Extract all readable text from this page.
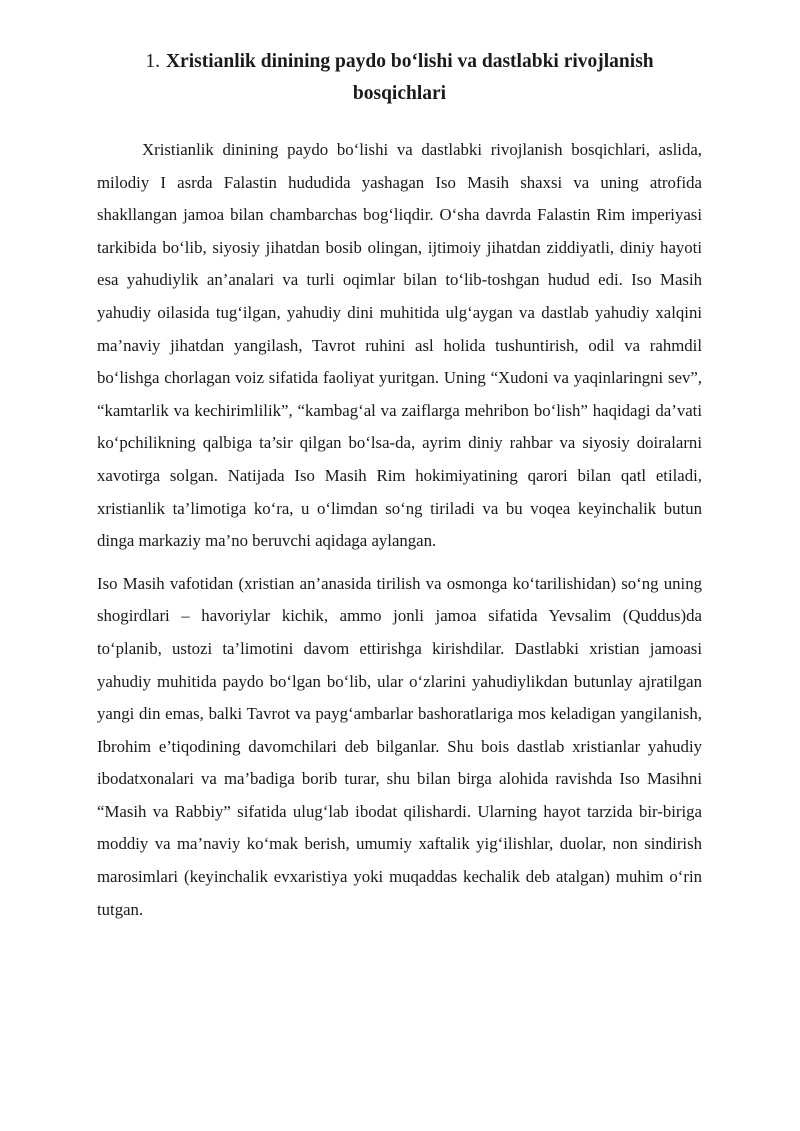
1. Xristianlik dinining paydo bo‘lishi va dastlabki rivojlanish bosqichlari

Xristianlik dinining paydo bo‘lishi va dastlabki rivojlanish bosqichlari, aslida, milodiy I asrda Falastin hududida yashagan Iso Masih shaxsi va uning atrofida shakllangan jamoa bilan chambarchas bog‘liqdir. O‘sha davrda Falastin Rim imperiyasi tarkibida bo‘lib, siyosiy jihatdan bosib olingan, ijtimoiy jihatdan ziddiyatli, diniy hayoti esa yahudiylik an’analari va turli oqimlar bilan to‘lib-toshgan hudud edi. Iso Masih yahudiy oilasida tug‘ilgan, yahudiy dini muhitida ulg‘aygan va dastlab yahudiy xalqini ma’naviy jihatdan yangilash, Tavrot ruhini asl holida tushuntirish, odil va rahmdil bo‘lishga chorlagan voiz sifatida faoliyat yuritgan. Uning “Xudoni va yaqinlaringni sev”, “kamtarlik va kechirimlilik”, “kambag‘al va zaiflarga mehribon bo‘lish” haqidagi da’vati ko‘pchilikning qalbiga ta’sir qilgan bo‘lsa-da, ayrim diniy rahbar va siyosiy doiralarni xavotirga solgan. Natijada Iso Masih Rim hokimiyatining qarori bilan qatl etiladi, xristianlik ta’limotiga ko‘ra, u o‘limdan so‘ng tiriladi va bu voqea keyinchalik butun dinga markaziy ma’no beruvchi aqidaga aylangan.

Iso Masih vafotidan (xristian an’anasida tirilish va osmonga ko‘tarilishidan) so‘ng uning shogirdlari – havoriylar kichik, ammo jonli jamoa sifatida Yevsalim (Quddus)da to‘planib, ustozi ta’limotini davom ettirishga kirishdilar. Dastlabki xristian jamoasi yahudiy muhitida paydo bo‘lgan bo‘lib, ular o‘zlarini yahudiylikdan butunlay ajratilgan yangi din emas, balki Tavrot va payg‘ambarlar bashoratlariga mos keladigan yangilanish, Ibrohim e’tiqodining davomchilari deb bilganlar. Shu bois dastlab xristianlar yahudiy ibodatxonalari va ma’badiga borib turar, shu bilan birga alohida ravishda Iso Masihni “Masih va Rabbiy” sifatida ulug‘lab ibodat qilishardi. Ularning hayot tarzida bir-biriga moddiy va ma’naviy ko‘mak berish, umumiy xaftalik yig‘ilishlar, duolar, non sindirish marosimlari (keyinchalik evxaristiya yoki muqaddas kechalik deb atalgan) muhim o‘rin tutgan.
